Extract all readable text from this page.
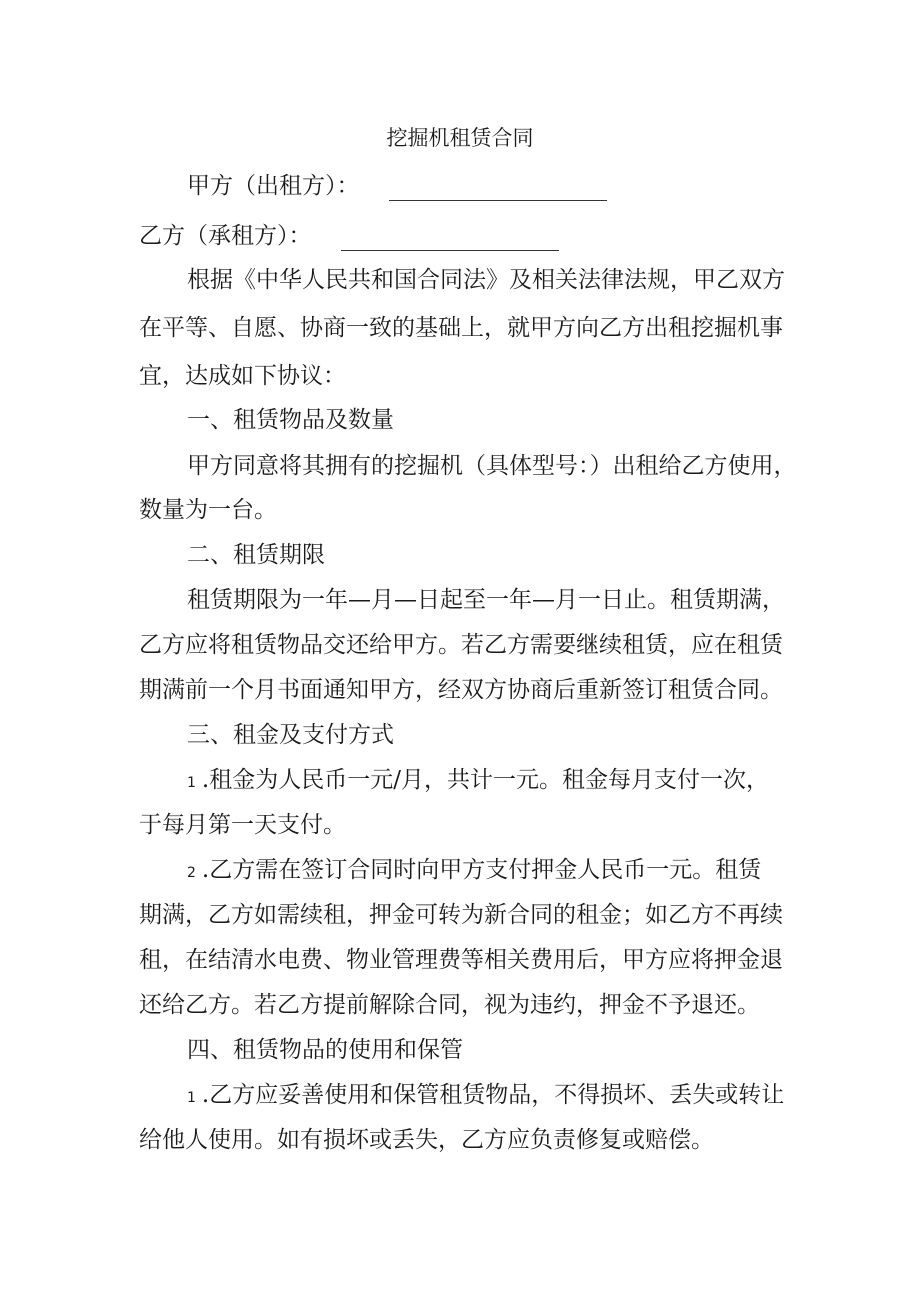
挖掘机租赁合同
甲方（出租方）：
乙方（承租方）：
根据《中华人民共和国合同法》及相关法律法规，甲乙双方
在平等、自愿、协商一致的基础上，就甲方向乙方出租挖掘机事
宜，达成如下协议：
一、租赁物品及数量
甲方同意将其拥有的挖掘机（具体型号：）出租给乙方使用，
数量为一台。
二、租赁期限
租赁期限为一年—月—日起至一年—月一日止。租赁期满，
乙方应将租赁物品交还给甲方。若乙方需要继续租赁，应在租赁
期满前一个月书面通知甲方，经双方协商后重新签订租赁合同。
三、租金及支付方式
1 .租金为人民币一元/月，共计一元。租金每月支付一次，
于每月第一天支付。
2 .乙方需在签订合同时向甲方支付押金人民币一元。租赁
期满，乙方如需续租，押金可转为新合同的租金；如乙方不再续
租，在结清水电费、物业管理费等相关费用后，甲方应将押金退
还给乙方。若乙方提前解除合同，视为违约，押金不予退还。
四、租赁物品的使用和保管
1 .乙方应妥善使用和保管租赁物品，不得损坏、丢失或转让
给他人使用。如有损坏或丢失，乙方应负责修复或赔偿。
